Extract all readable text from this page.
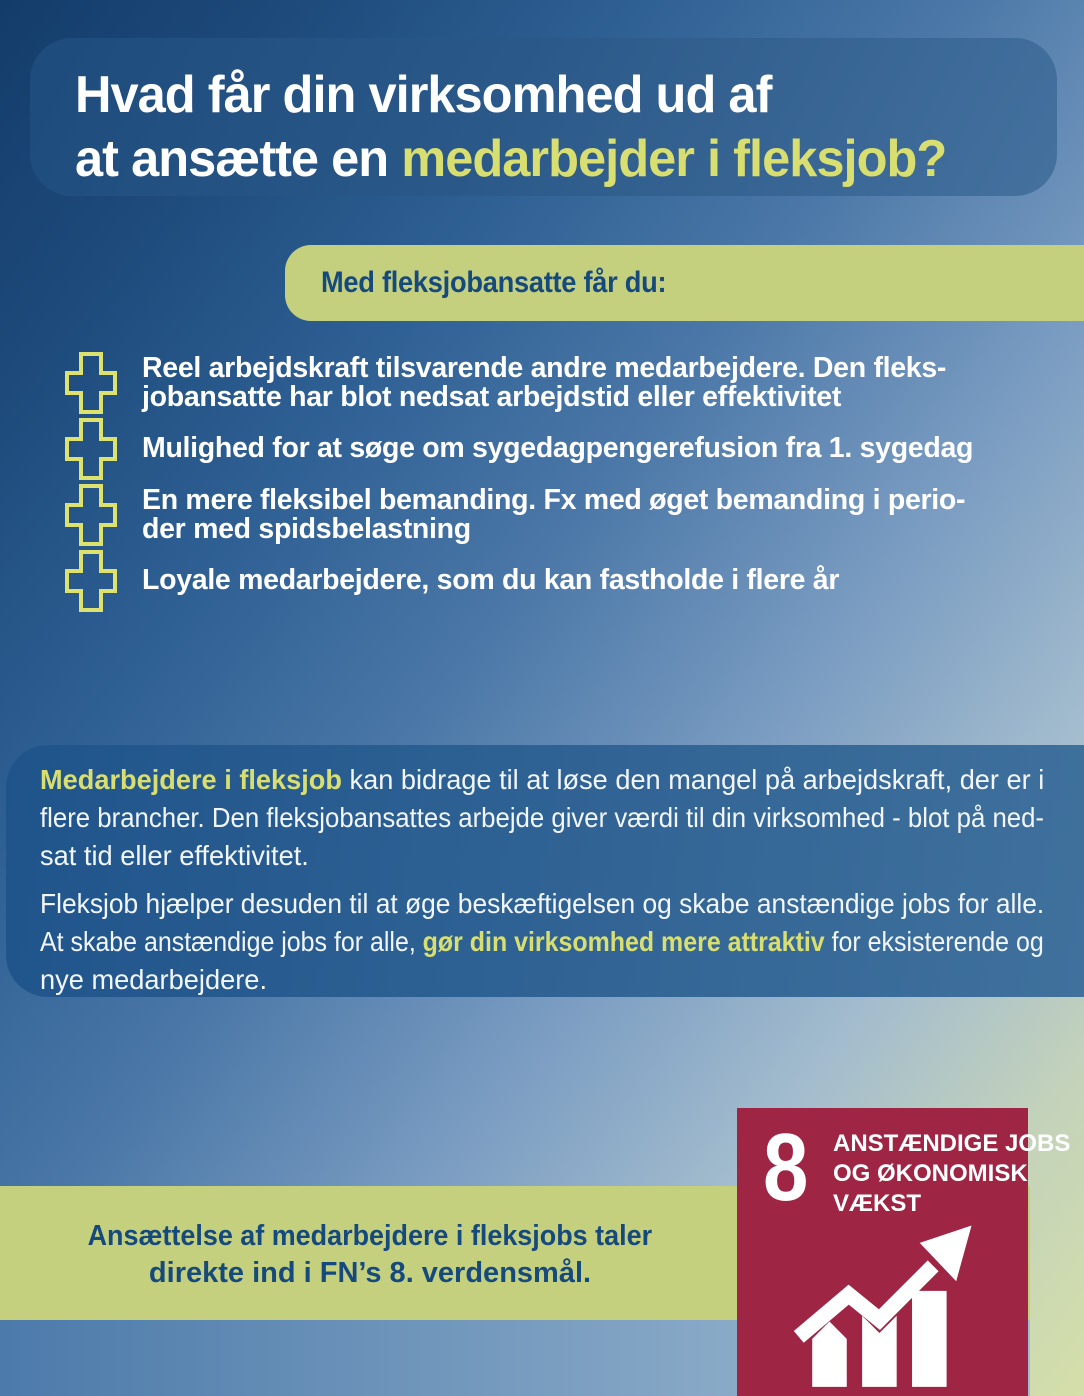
Hvad får din virksomhed ud af
at ansætte en medarbejder i fleksjob?
Med fleksjobansatte får du:
Reel arbejdskraft tilsvarende andre medarbejdere. Den fleks-
jobansatte har blot nedsat arbejdstid eller effektivitet
Mulighed for at søge om sygedagpengerefusion fra 1. sygedag
En mere fleksibel bemanding. Fx med øget bemanding i perio-
der med spidsbelastning
Loyale medarbejdere, som du kan fastholde i flere år
Medarbejdere i fleksjob kan bidrage til at løse den mangel på arbejdskraft, der er i
flere brancher. Den fleksjobansattes arbejde giver værdi til din virksomhed - blot på ned-
sat tid eller effektivitet.
Fleksjob hjælper desuden til at øge beskæftigelsen og skabe anstændige jobs for alle.
At skabe anstændige jobs for alle, gør din virksomhed mere attraktiv for eksisterende og
nye medarbejdere.
Ansættelse af medarbejdere i fleksjobs taler
direkte ind i FN’s 8. verdensmål.
8	ANSTÆNDIGE JOBS
OG ØKONOMISK
VÆKST
